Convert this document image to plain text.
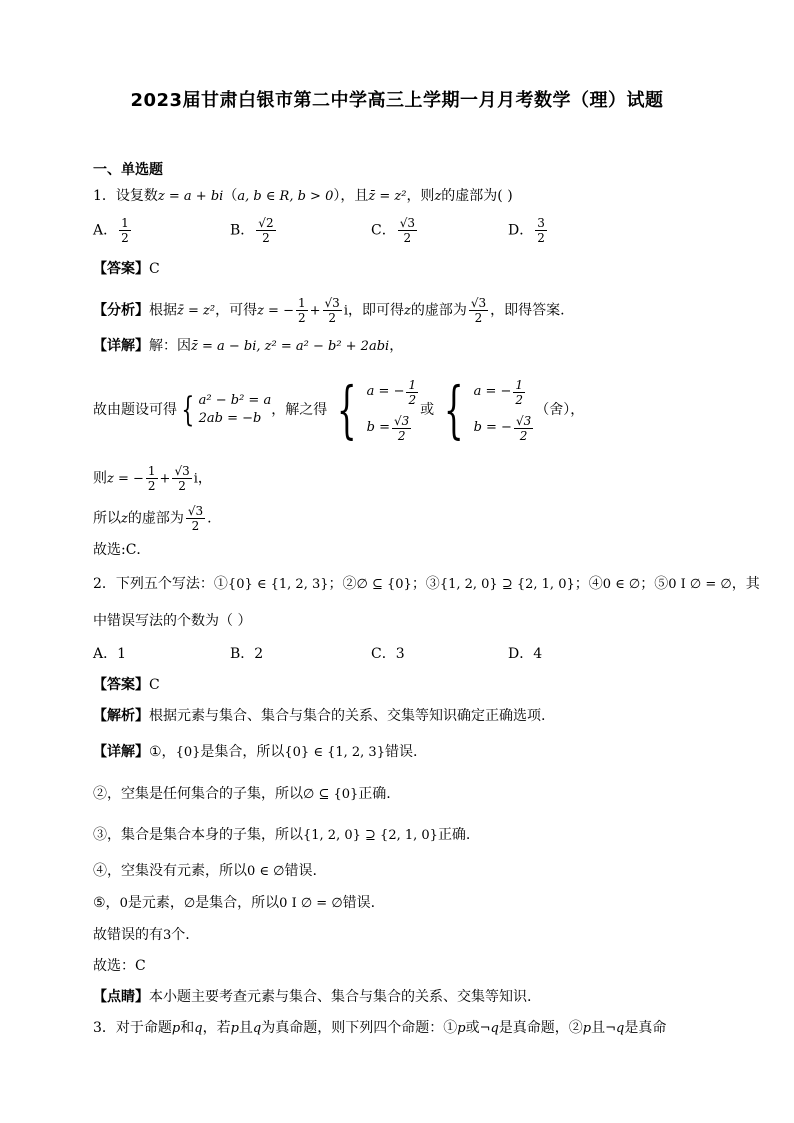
2023届甘肃白银市第二中学高三上学期一月月考数学（理）试题
一、单选题
1．设复数z = a + bi（a, b ∈ R, b > 0），且z̄ = z²，则z的虚部为( )
A． $\frac{1}{2}$	B． $\frac{√2}{2}$	C． $\frac{√3}{2}$	D． $\frac{3}{2}$
【答案】C
【分析】根据z̄ = z²，可得z = − $\frac{1}{2} + \frac{√3}{2}$ i，即可得z的虚部为 $\frac{√3}{2}$ ，即得答案.
【详解】解：因z̄ = a − bi, z² = a² − b² + 2abi，
故由题设可得 { a² − b² = a
2ab = −b
，解之得 { a = − $\frac{1}{2}$
$b = \frac{√3}{2}$
或 { a = − $\frac{1}{2}$
b = − $\frac{√3}{2}$
（舍），
则z = − $\frac{1}{2} + \frac{√3}{2}$ i，
所以z的虚部为 $\frac{√3}{2}$ .
故选:C．
2．下列五个写法：①{0} ∈ {1, 2, 3}；②∅ ⊆ {0}；③{1, 2, 0} ⊇ {2, 1, 0}；④0 ∈ ∅；⑤0 I ∅ = ∅，其
中错误写法的个数为（ ）
A．1	B．2	C．3	D．4
【答案】C
【解析】根据元素与集合、集合与集合的关系、交集等知识确定正确选项.
【详解】①，{0}是集合，所以{0} ∈ {1, 2, 3}错误.
②，空集是任何集合的子集，所以∅ ⊆ {0}正确.
③，集合是集合本身的子集，所以{1, 2, 0} ⊇ {2, 1, 0}正确.
④，空集没有元素，所以0 ∈ ∅错误.
⑤，0是元素，∅是集合，所以0 I ∅ = ∅错误.
故错误的有3个.
故选：C
【点睛】本小题主要考查元素与集合、集合与集合的关系、交集等知识.
3．对于命题p和q，若p且q为真命题，则下列四个命题：①p或¬q是真命题，②p且¬q是真命
